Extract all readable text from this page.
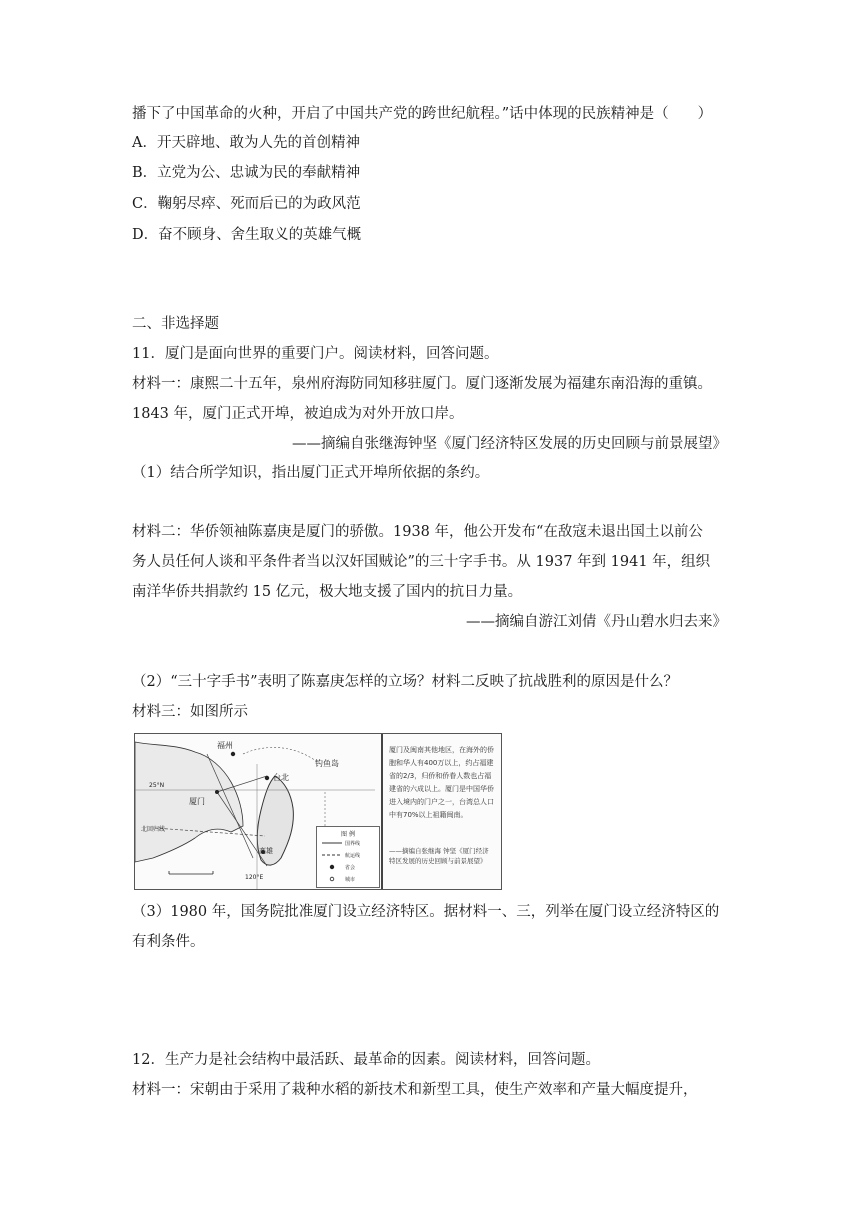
播下了中国革命的火种，开启了中国共产党的跨世纪航程。”话中体现的民族精神是（　　）
A．开天辟地、敢为人先的首创精神
B．立党为公、忠诚为民的奉献精神
C．鞠躬尽瘁、死而后已的为政风范
D．奋不顾身、舍生取义的英雄气概
二、非选择题
11．厦门是面向世界的重要门户。阅读材料，回答问题。
材料一：康熙二十五年，泉州府海防同知移驻厦门。厦门逐渐发展为福建东南沿海的重镇。
1843 年，厦门正式开埠，被迫成为对外开放口岸。
——摘编自张继海钟坚《厦门经济特区发展的历史回顾与前景展望》
（1）结合所学知识，指出厦门正式开埠所依据的条约。
材料二：华侨领袖陈嘉庚是厦门的骄傲。1938 年，他公开发布“在敌寇未退出国土以前公
务人员任何人谈和平条件者当以汉奸国贼论”的三十字手书。从 1937 年到 1941 年，组织
南洋华侨共捐款约 15 亿元，极大地支援了国内的抗日力量。
——摘编自游江刘倩《丹山碧水归去来》
（2）“三十字手书”表明了陈嘉庚怎样的立场？材料二反映了抗战胜利的原因是什么？
材料三：如图所示
福州
钓鱼岛
台北
厦门
高雄
25°N
120°E
北回归线
图 例
国界线
航运线
省会
城市
厦门及闽南其他地区，在海外的侨胞和华人有400万以上，约占福建省的2/3，归侨和侨眷人数也占福建省的六成以上。厦门是中国华侨进入境内的门户之一，台湾总人口中有70%以上祖籍闽南。
——摘编自张继海 钟坚《厦门经济特区发展的历史回顾与前景展望》
（3）1980 年，国务院批准厦门设立经济特区。据材料一、三，列举在厦门设立经济特区的
有利条件。
12．生产力是社会结构中最活跃、最革命的因素。阅读材料，回答问题。
材料一：宋朝由于采用了栽种水稻的新技术和新型工具，使生产效率和产量大幅度提升，
